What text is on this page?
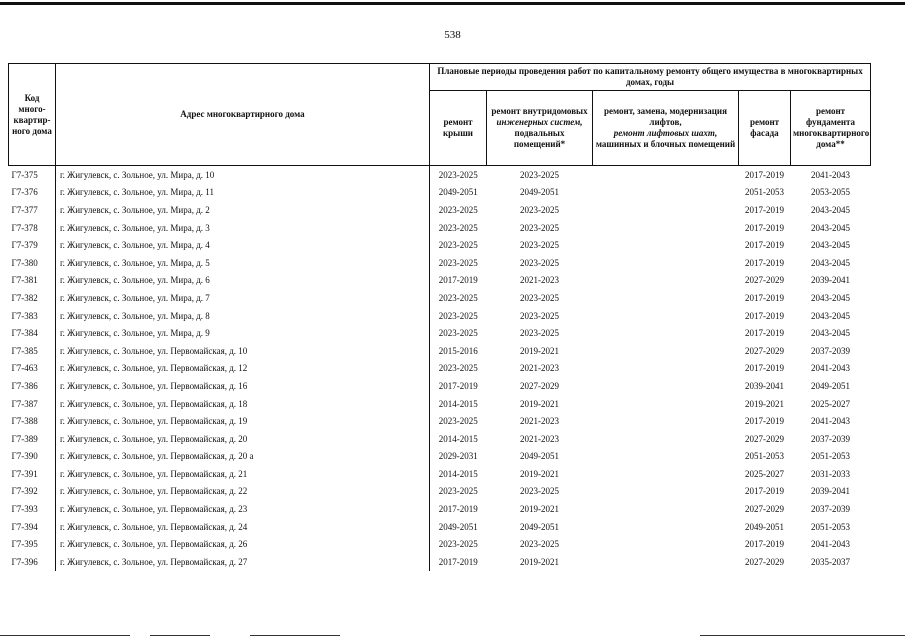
538
Код много-квартир-ного дома	Адрес многоквартирного дома	Плановые периоды проведения работ по капитальному ремонту общего имущества в многоквартирных домах, годы				
		ремонт крыши	ремонт внутридомовых
инженерных систем,
подвальных помещений*	ремонт, замена, модернизация лифтов,
ремонт лифтовых шахт,
машинных и блочных помещений	ремонт фасада	ремонт фундамента многоквартирного дома**
Г7-375	г. Жигулевск, с. Зольное, ул. Мира, д. 10	2023-2025	2023-2025		2017-2019	2041-2043
Г7-376	г. Жигулевск, с. Зольное, ул. Мира, д. 11	2049-2051	2049-2051		2051-2053	2053-2055
Г7-377	г. Жигулевск, с. Зольное, ул. Мира, д. 2	2023-2025	2023-2025		2017-2019	2043-2045
Г7-378	г. Жигулевск, с. Зольное, ул. Мира, д. 3	2023-2025	2023-2025		2017-2019	2043-2045
Г7-379	г. Жигулевск, с. Зольное, ул. Мира, д. 4	2023-2025	2023-2025		2017-2019	2043-2045
Г7-380	г. Жигулевск, с. Зольное, ул. Мира, д. 5	2023-2025	2023-2025		2017-2019	2043-2045
Г7-381	г. Жигулевск, с. Зольное, ул. Мира, д. 6	2017-2019	2021-2023		2027-2029	2039-2041
Г7-382	г. Жигулевск, с. Зольное, ул. Мира, д. 7	2023-2025	2023-2025		2017-2019	2043-2045
Г7-383	г. Жигулевск, с. Зольное, ул. Мира, д. 8	2023-2025	2023-2025		2017-2019	2043-2045
Г7-384	г. Жигулевск, с. Зольное, ул. Мира, д. 9	2023-2025	2023-2025		2017-2019	2043-2045
Г7-385	г. Жигулевск, с. Зольное, ул. Первомайская, д. 10	2015-2016	2019-2021		2027-2029	2037-2039
Г7-463	г. Жигулевск, с. Зольное, ул. Первомайская, д. 12	2023-2025	2021-2023		2017-2019	2041-2043
Г7-386	г. Жигулевск, с. Зольное, ул. Первомайская, д. 16	2017-2019	2027-2029		2039-2041	2049-2051
Г7-387	г. Жигулевск, с. Зольное, ул. Первомайская, д. 18	2014-2015	2019-2021		2019-2021	2025-2027
Г7-388	г. Жигулевск, с. Зольное, ул. Первомайская, д. 19	2023-2025	2021-2023		2017-2019	2041-2043
Г7-389	г. Жигулевск, с. Зольное, ул. Первомайская, д. 20	2014-2015	2021-2023		2027-2029	2037-2039
Г7-390	г. Жигулевск, с. Зольное, ул. Первомайская, д. 20 а	2029-2031	2049-2051		2051-2053	2051-2053
Г7-391	г. Жигулевск, с. Зольное, ул. Первомайская, д. 21	2014-2015	2019-2021		2025-2027	2031-2033
Г7-392	г. Жигулевск, с. Зольное, ул. Первомайская, д. 22	2023-2025	2023-2025		2017-2019	2039-2041
Г7-393	г. Жигулевск, с. Зольное, ул. Первомайская, д. 23	2017-2019	2019-2021		2027-2029	2037-2039
Г7-394	г. Жигулевск, с. Зольное, ул. Первомайская, д. 24	2049-2051	2049-2051		2049-2051	2051-2053
Г7-395	г. Жигулевск, с. Зольное, ул. Первомайская, д. 26	2023-2025	2023-2025		2017-2019	2041-2043
Г7-396	г. Жигулевск, с. Зольное, ул. Первомайская, д. 27	2017-2019	2019-2021		2027-2029	2035-2037
